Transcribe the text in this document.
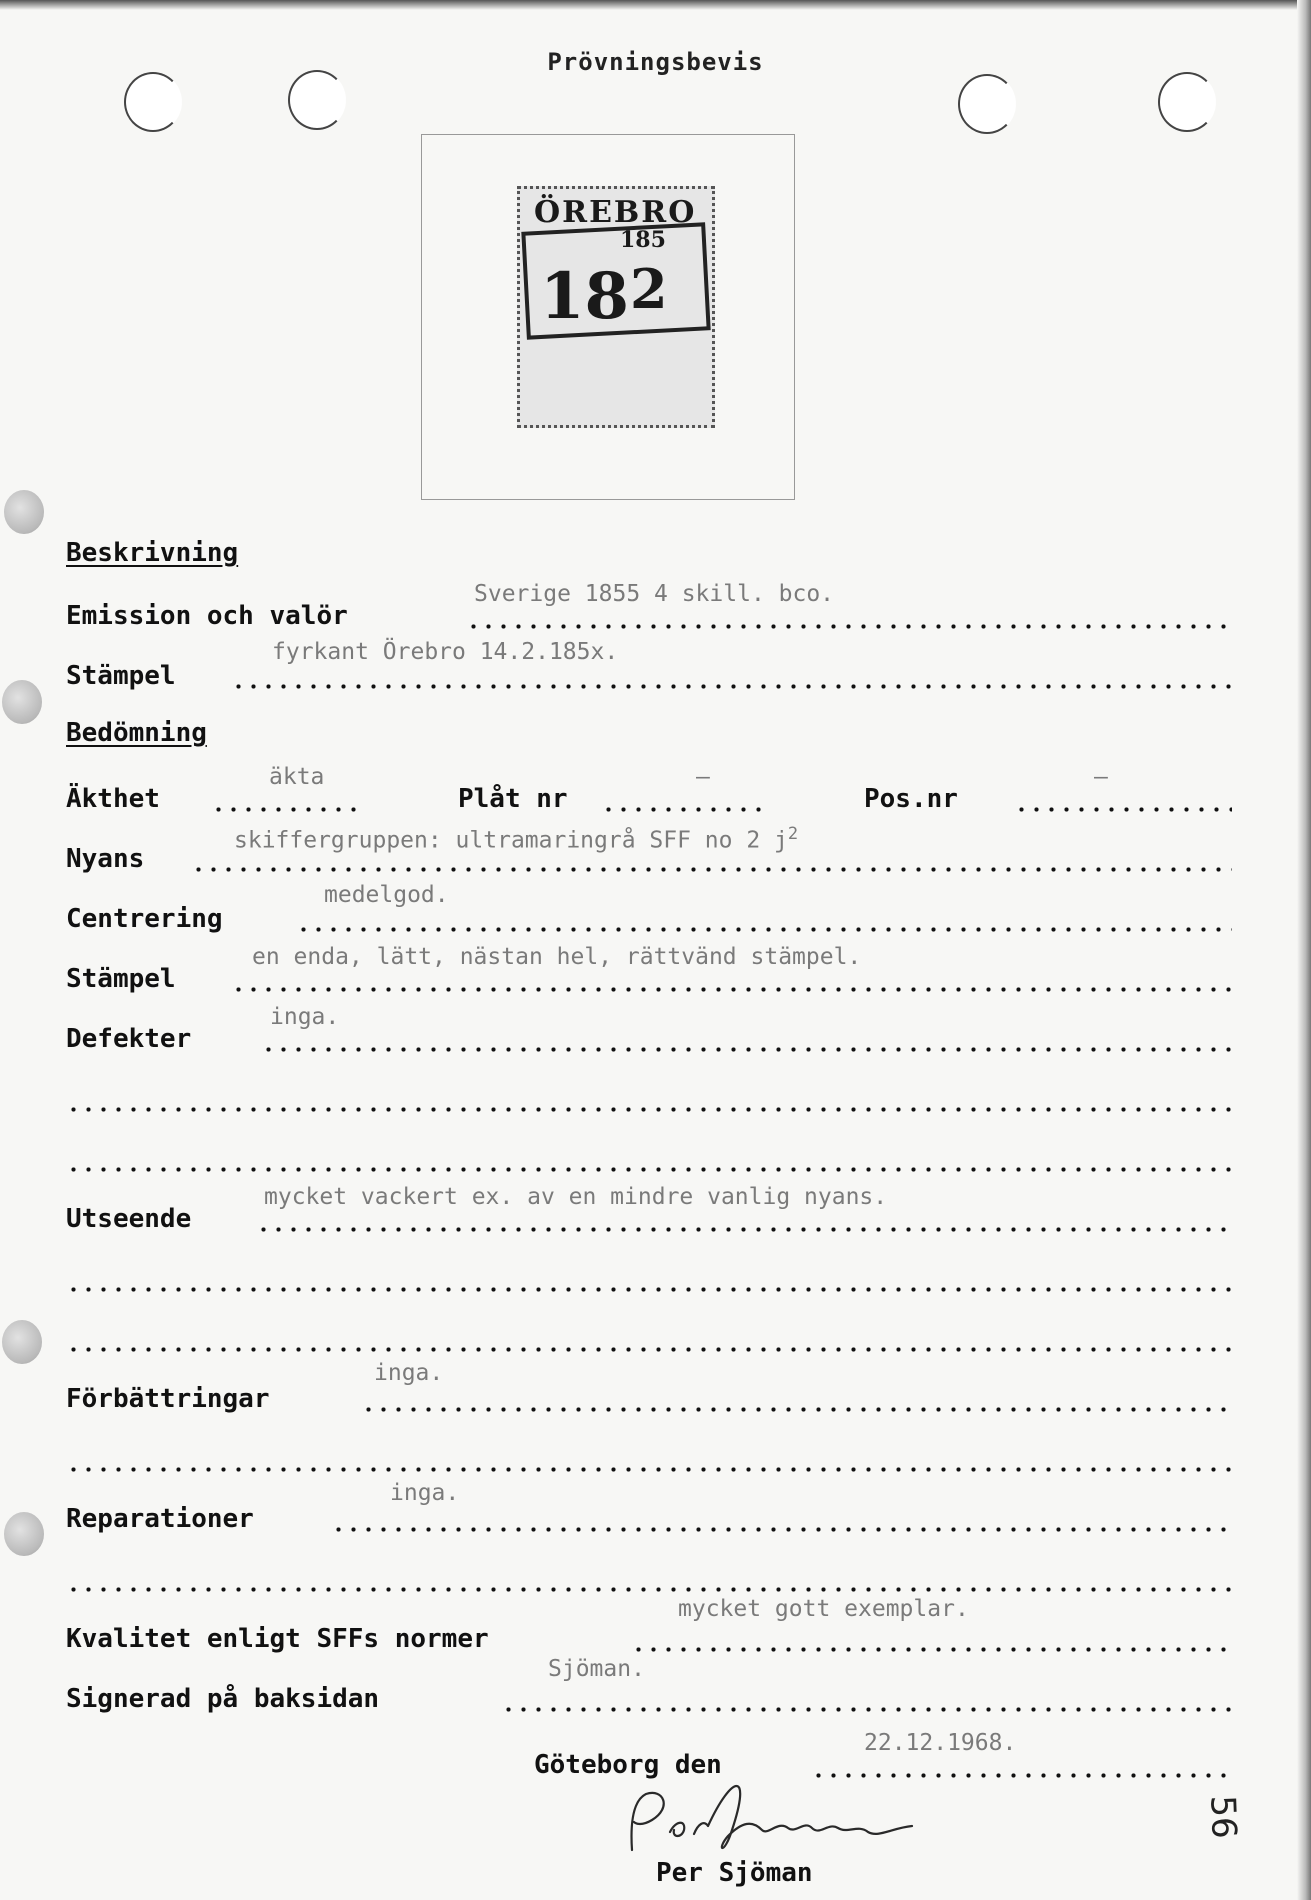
Prövningsbevis
ÖREBRO
18 2
185
Beskrivning
Emission och valör
Sverige 1855 4 skill. bco.
Stämpel
fyrkant Örebro 14.2.185x.
Bedömning
Äkthet
äkta
Plåt nr
–
Pos.nr
–
Nyans
skiffergruppen: ultramaringrå SFF no 2 $j^2$
Centrering
medelgod.
Stämpel
en enda, lätt, nästan hel, rättvänd stämpel.
Defekter
inga.
Utseende
mycket vackert ex. av en mindre vanlig nyans.
Förbättringar
inga.
Reparationer
inga.
Kvalitet enligt SFFs normer
mycket gott exemplar.
Signerad på baksidan
Sjöman.
Göteborg den
22.12.1968.
Per Sjöman
56
